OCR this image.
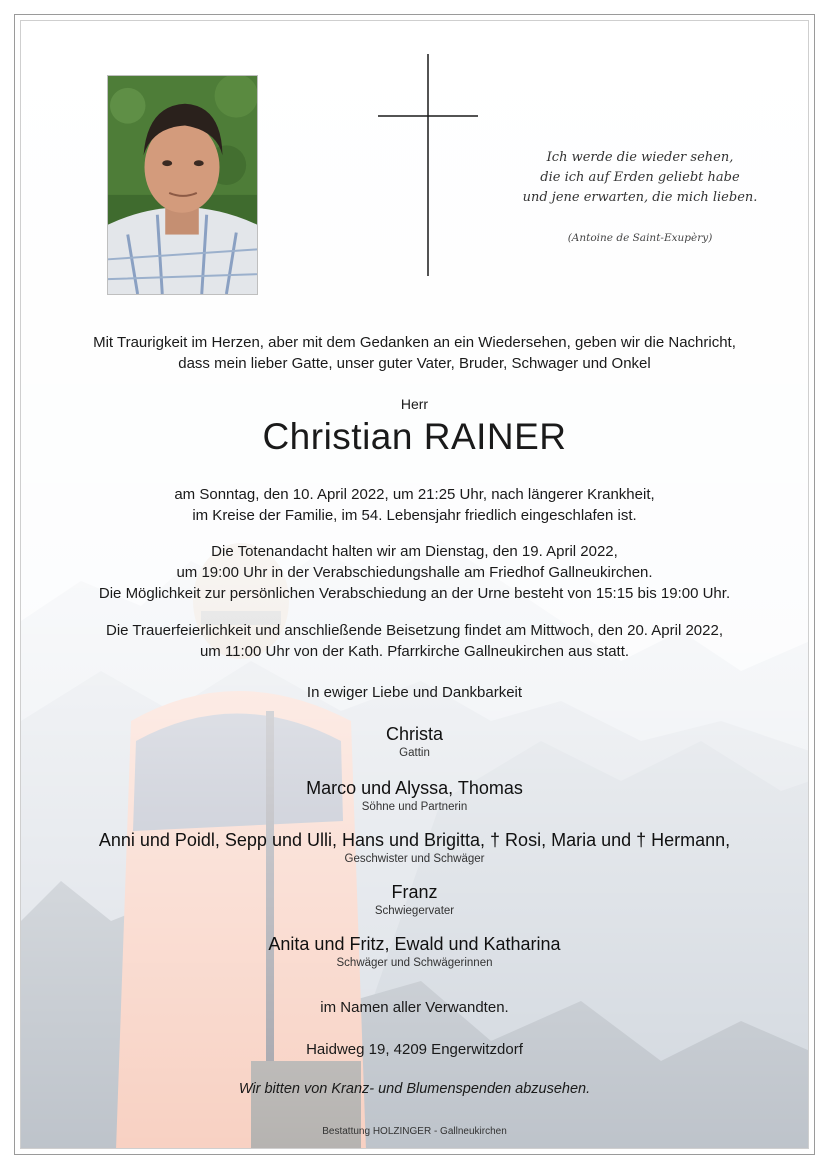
Ich werde die wieder sehen,
die ich auf Erden geliebt habe
und jene erwarten, die mich lieben.
(Antoine de Saint-Exupèry)
Mit Traurigkeit im Herzen, aber mit dem Gedanken an ein Wiedersehen, geben wir die Nachricht,
dass mein lieber Gatte, unser guter Vater, Bruder, Schwager und Onkel
Herr
Christian RAINER
am Sonntag, den 10. April 2022, um 21:25 Uhr, nach längerer Krankheit,
im Kreise der Familie, im 54. Lebensjahr friedlich eingeschlafen ist.
Die Totenandacht halten wir am Dienstag, den 19. April 2022,
um 19:00 Uhr in der Verabschiedungshalle am Friedhof Gallneukirchen.
Die Möglichkeit zur persönlichen Verabschiedung an der Urne besteht von 15:15 bis 19:00 Uhr.
Die Trauerfeierlichkeit und anschließende Beisetzung findet am Mittwoch, den 20. April 2022,
um 11:00 Uhr von der Kath. Pfarrkirche Gallneukirchen aus statt.
In ewiger Liebe und Dankbarkeit
Christa
Gattin
Marco und Alyssa, Thomas
Söhne und Partnerin
Anni und Poidl, Sepp und Ulli, Hans und Brigitta, † Rosi, Maria und † Hermann,
Geschwister und Schwäger
Franz
Schwiegervater
Anita und Fritz, Ewald und Katharina
Schwäger und Schwägerinnen
im Namen aller Verwandten.
Haidweg 19, 4209 Engerwitzdorf
Wir bitten von Kranz- und Blumenspenden abzusehen.
Bestattung HOLZINGER - Gallneukirchen
